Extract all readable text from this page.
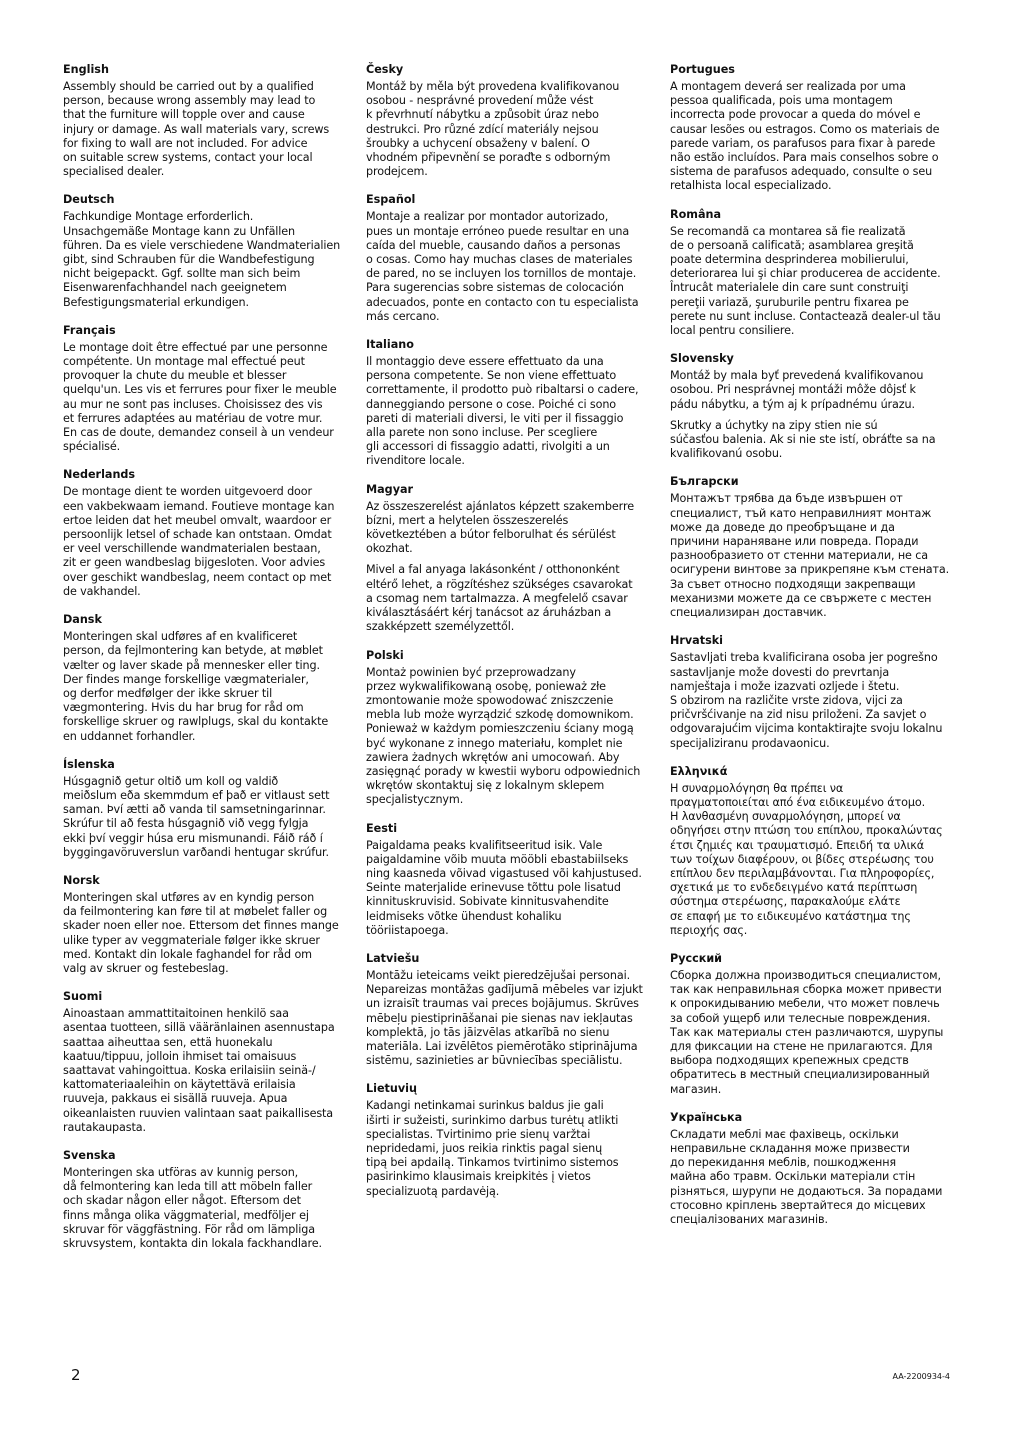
English
Assembly should be carried out by a qualified
person, because wrong assembly may lead to
that the furniture will topple over and cause
injury or damage. As wall materials vary, screws
for fixing to wall are not included. For advice
on suitable screw systems, contact your local
specialised dealer.
Deutsch
Fachkundige Montage erforderlich.
Unsachgemäße Montage kann zu Unfällen
führen. Da es viele verschiedene Wandmaterialien
gibt, sind Schrauben für die Wandbefestigung
nicht beigepackt. Ggf. sollte man sich beim
Eisenwarenfachhandel nach geeignetem
Befestigungsmaterial erkundigen.
Français
Le montage doit être effectué par une personne
compétente. Un montage mal effectué peut
provoquer la chute du meuble et blesser
quelqu'un. Les vis et ferrures pour fixer le meuble
au mur ne sont pas incluses. Choisissez des vis
et ferrures adaptées au matériau de votre mur.
En cas de doute, demandez conseil à un vendeur
spécialisé.
Nederlands
De montage dient te worden uitgevoerd door
een vakbekwaam iemand. Foutieve montage kan
ertoe leiden dat het meubel omvalt, waardoor er
persoonlijk letsel of schade kan ontstaan. Omdat
er veel verschillende wandmaterialen bestaan,
zit er geen wandbeslag bijgesloten. Voor advies
over geschikt wandbeslag, neem contact op met
de vakhandel.
Dansk
Monteringen skal udføres af en kvalificeret
person, da fejlmontering kan betyde, at møblet
vælter og laver skade på mennesker eller ting.
Der findes mange forskellige vægmaterialer,
og derfor medfølger der ikke skruer til
vægmontering. Hvis du har brug for råd om
forskellige skruer og rawlplugs, skal du kontakte
en uddannet forhandler.
Íslenska
Húsgagnið getur oltið um koll og valdið
meiðslum eða skemmdum ef það er vitlaust sett
saman. Því ætti að vanda til samsetningarinnar.
Skrúfur til að festa húsgagnið við vegg fylgja
ekki því veggir húsa eru mismunandi. Fáið ráð í
byggingavöruverslun varðandi hentugar skrúfur.
Norsk
Monteringen skal utføres av en kyndig person
da feilmontering kan føre til at møbelet faller og
skader noen eller noe. Ettersom det finnes mange
ulike typer av veggmateriale følger ikke skruer
med. Kontakt din lokale faghandel for råd om
valg av skruer og festebeslag.
Suomi
Ainoastaan ammattitaitoinen henkilö saa
asentaa tuotteen, sillä vääränlainen asennustapa
saattaa aiheuttaa sen, että huonekalu
kaatuu/tippuu, jolloin ihmiset tai omaisuus
saattavat vahingoittua. Koska erilaisiin seinä-/
kattomateriaaleihin on käytettävä erilaisia
ruuveja, pakkaus ei sisällä ruuveja. Apua
oikeanlaisten ruuvien valintaan saat paikallisesta
rautakaupasta.
Svenska
Monteringen ska utföras av kunnig person,
då felmontering kan leda till att möbeln faller
och skadar någon eller något. Eftersom det
finns många olika väggmaterial, medföljer ej
skruvar för väggfästning. För råd om lämpliga
skruvsystem, kontakta din lokala fackhandlare.
Česky
Montáž by měla být provedena kvalifikovanou
osobou - nesprávné provedení může vést
k převrhnutí nábytku a způsobit úraz nebo
destrukci. Pro různé zdící materiály nejsou
šroubky a uchycení obsaženy v balení. O
vhodném připevnění se poraďte s odborným
prodejcem.
Español
Montaje a realizar por montador autorizado,
pues un montaje erróneo puede resultar en una
caída del mueble, causando daños a personas
o cosas. Como hay muchas clases de materiales
de pared, no se incluyen los tornillos de montaje.
Para sugerencias sobre sistemas de colocación
adecuados, ponte en contacto con tu especialista
más cercano.
Italiano
Il montaggio deve essere effettuato da una
persona competente. Se non viene effettuato
correttamente, il prodotto può ribaltarsi o cadere,
danneggiando persone o cose. Poiché ci sono
pareti di materiali diversi, le viti per il fissaggio
alla parete non sono incluse. Per scegliere
gli accessori di fissaggio adatti, rivolgiti a un
rivenditore locale.
Magyar
Az összeszerelést ajánlatos képzett szakemberre
bízni, mert a helytelen összeszerelés
következtében a bútor felborulhat és sérülést
okozhat.
Mivel a fal anyaga lakásonként / otthononként
eltérő lehet, a rögzítéshez szükséges csavarokat
a csomag nem tartalmazza. A megfelelő csavar
kiválasztásáért kérj tanácsot az áruházban a
szakképzett személyzettől.
Polski
Montaż powinien być przeprowadzany
przez wykwalifikowaną osobę, ponieważ złe
zmontowanie może spowodować zniszczenie
mebla lub może wyrządzić szkodę domownikom.
Ponieważ w każdym pomieszczeniu ściany mogą
być wykonane z innego materiału, komplet nie
zawiera żadnych wkrętów ani umocowań. Aby
zasięgnąć porady w kwestii wyboru odpowiednich
wkrętów skontaktuj się z lokalnym sklepem
specjalistycznym.
Eesti
Paigaldama peaks kvalifitseeritud isik. Vale
paigaldamine võib muuta mööbli ebastabiilseks
ning kaasneda võivad vigastused või kahjustused.
Seinte materjalide erinevuse tõttu pole lisatud
kinnituskruvisid. Sobivate kinnitusvahendite
leidmiseks võtke ühendust kohaliku
tööriistapoega.
Latviešu
Montāžu ieteicams veikt pieredzējušai personai.
Nepareizas montāžas gadījumā mēbeles var izjukt
un izraisīt traumas vai preces bojājumus. Skrūves
mēbeļu piestiprināšanai pie sienas nav iekļautas
komplektā, jo tās jāizvēlas atkarībā no sienu
materiāla. Lai izvēlētos piemērotāko stiprinājuma
sistēmu, sazinieties ar būvniecības speciālistu.
Lietuvių
Kadangi netinkamai surinkus baldus jie gali
iširti ir sužeisti, surinkimo darbus turėtų atlikti
specialistas. Tvirtinimo prie sienų varžtai
nepridedami, juos reikia rinktis pagal sienų
tipą bei apdailą. Tinkamos tvirtinimo sistemos
pasirinkimo klausimais kreipkitės į vietos
specializuotą pardavėją.
Portugues
A montagem deverá ser realizada por uma
pessoa qualificada, pois uma montagem
incorrecta pode provocar a queda do móvel e
causar lesões ou estragos. Como os materiais de
parede variam, os parafusos para fixar à parede
não estão incluídos. Para mais conselhos sobre o
sistema de parafusos adequado, consulte o seu
retalhista local especializado.
Româna
Se recomandă ca montarea să fie realizată
de o persoană calificată; asamblarea greşită
poate determina desprinderea mobilierului,
deteriorarea lui şi chiar producerea de accidente.
Întrucât materialele din care sunt construiţi
pereţii variază, şuruburile pentru fixarea pe
perete nu sunt incluse. Contactează dealer-ul tău
local pentru consiliere.
Slovensky
Montáž by mala byť prevedená kvalifikovanou
osobou. Pri nesprávnej montáži môže dôjsť k
pádu nábytku, a tým aj k prípadnému úrazu.
Skrutky a úchytky na zipy stien nie sú
súčasťou balenia. Ak si nie ste istí, obráťte sa na
kvalifikovanú osobu.
Български
Монтажът трябва да бъде извършен от
специалист, тъй като неправилният монтаж
може да доведе до преобръщане и да
причини нараняване или повреда. Поради
разнообразието от стенни материали, не са
осигурени винтове за прикрепяне към стената.
За съвет относно подходящи закрепващи
механизми можете да се свържете с местен
специализиран доставчик.
Hrvatski
Sastavljati treba kvalificirana osoba jer pogrešno
sastavljanje može dovesti do prevrtanja
namještaja i može izazvati ozljede i štetu.
S obzirom na različite vrste zidova, vijci za
pričvršćivanje na zid nisu priloženi. Za savjet o
odgovarajućim vijcima kontaktirajte svoju lokalnu
specijaliziranu prodavaonicu.
Ελληνικά
Η συναρμολόγηση θα πρέπει να
πραγματοποιείται από ένα ειδικευμένο άτομο.
Η λανθασμένη συναρμολόγηση, μπορεί να
οδηγήσει στην πτώση του επίπλου, προκαλώντας
έτσι ζημιές και τραυματισμό. Επειδή τα υλικά
των τοίχων διαφέρουν, οι βίδες στερέωσης του
επίπλου δεν περιλαμβάνονται. Για πληροφορίες,
σχετικά με το ενδεδειγμένο κατά περίπτωση
σύστημα στερέωσης, παρακαλούμε ελάτε
σε επαφή με το ειδικευμένο κατάστημα της
περιοχής σας.
Русский
Сборка должна производиться специалистом,
так как неправильная сборка может привести
к опрокидыванию мебели, что может повлечь
за собой ущерб или телесные повреждения.
Так как материалы стен различаются, шурупы
для фиксации на стене не прилагаются. Для
выбора подходящих крепежных средств
обратитесь в местный специализированный
магазин.
Українська
Складати меблі має фахівець, оскільки
неправильне складання може призвести
до перекидання меблів, пошкодження
майна або травм. Оскільки матеріали стін
різняться, шурупи не додаються. За порадами
стосовно кріплень звертайтеся до місцевих
спеціалізованих магазинів.
2	AA-2200934-4
